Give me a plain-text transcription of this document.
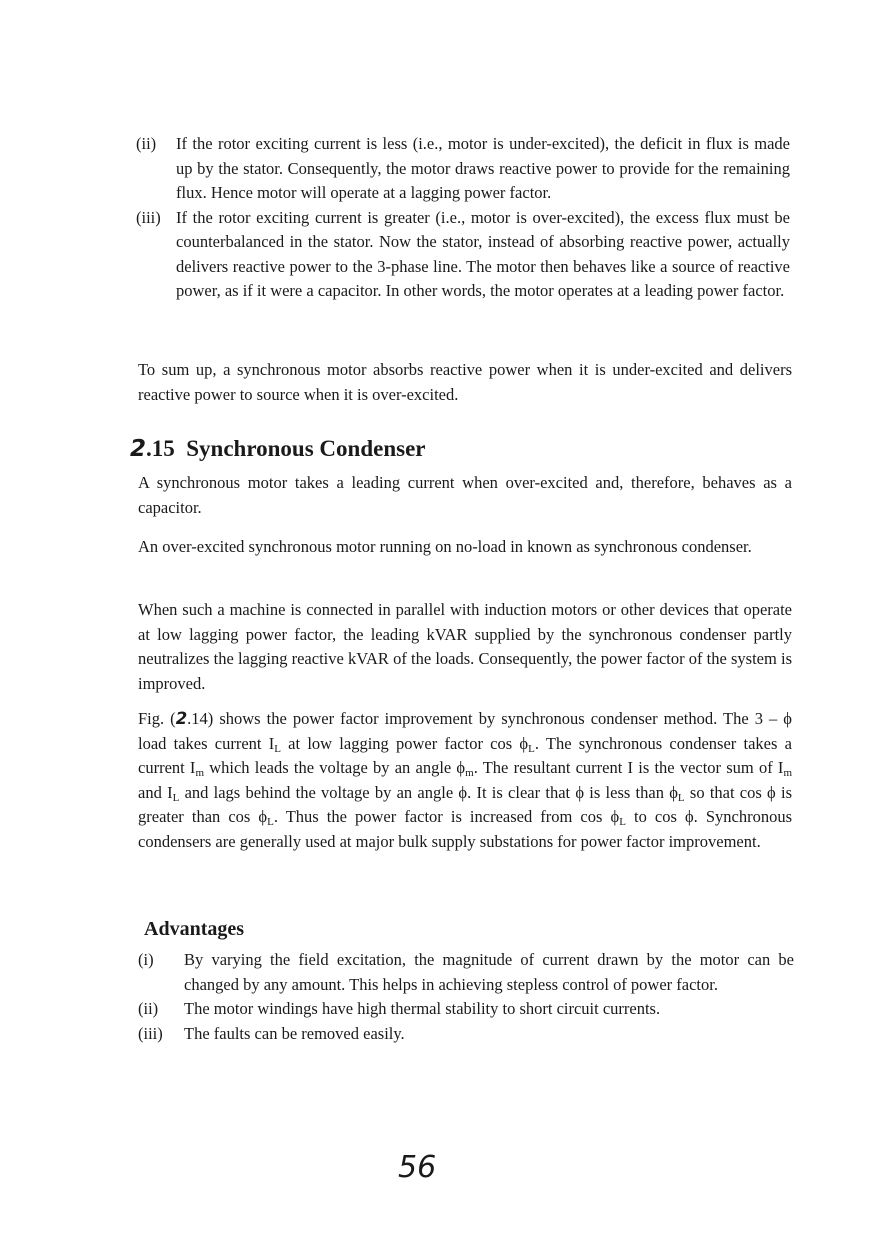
(ii) If the rotor exciting current is less (i.e., motor is under-excited), the deficit in flux is made up by the stator. Consequently, the motor draws reactive power to provide for the remaining flux. Hence motor will operate at a lagging power factor.
(iii) If the rotor exciting current is greater (i.e., motor is over-excited), the excess flux must be counterbalanced in the stator. Now the stator, instead of absorbing reactive power, actually delivers reactive power to the 3-phase line. The motor then behaves like a source of reactive power, as if it were a capacitor. In other words, the motor operates at a leading power factor.

To sum up, a synchronous motor absorbs reactive power when it is under-excited and delivers reactive power to source when it is over-excited.

2.15 Synchronous Condenser

A synchronous motor takes a leading current when over-excited and, therefore, behaves as a capacitor.

An over-excited synchronous motor running on no-load in known as synchronous condenser.

When such a machine is connected in parallel with induction motors or other devices that operate at low lagging power factor, the leading kVAR supplied by the synchronous condenser partly neutralizes the lagging reactive kVAR of the loads. Consequently, the power factor of the system is improved.

Fig. (2.14) shows the power factor improvement by synchronous condenser method. The 3 – ϕ load takes current $I_L$ at low lagging power factor $\cos \phi_L$. The synchronous condenser takes a current $I_m$ which leads the voltage by an angle $\phi_m$. The resultant current I is the vector sum of $I_m$ and $I_L$ and lags behind the voltage by an angle ϕ. It is clear that ϕ is less than $\phi_L$ so that cos ϕ is greater than $\cos \phi_L$. Thus the power factor is increased from $\cos \phi_L$ to cos ϕ. Synchronous condensers are generally used at major bulk supply substations for power factor improvement.

Advantages
(i) By varying the field excitation, the magnitude of current drawn by the motor can be changed by any amount. This helps in achieving stepless control of power factor.
(ii) The motor windings have high thermal stability to short circuit currents.
(iii) The faults can be removed easily.
56
